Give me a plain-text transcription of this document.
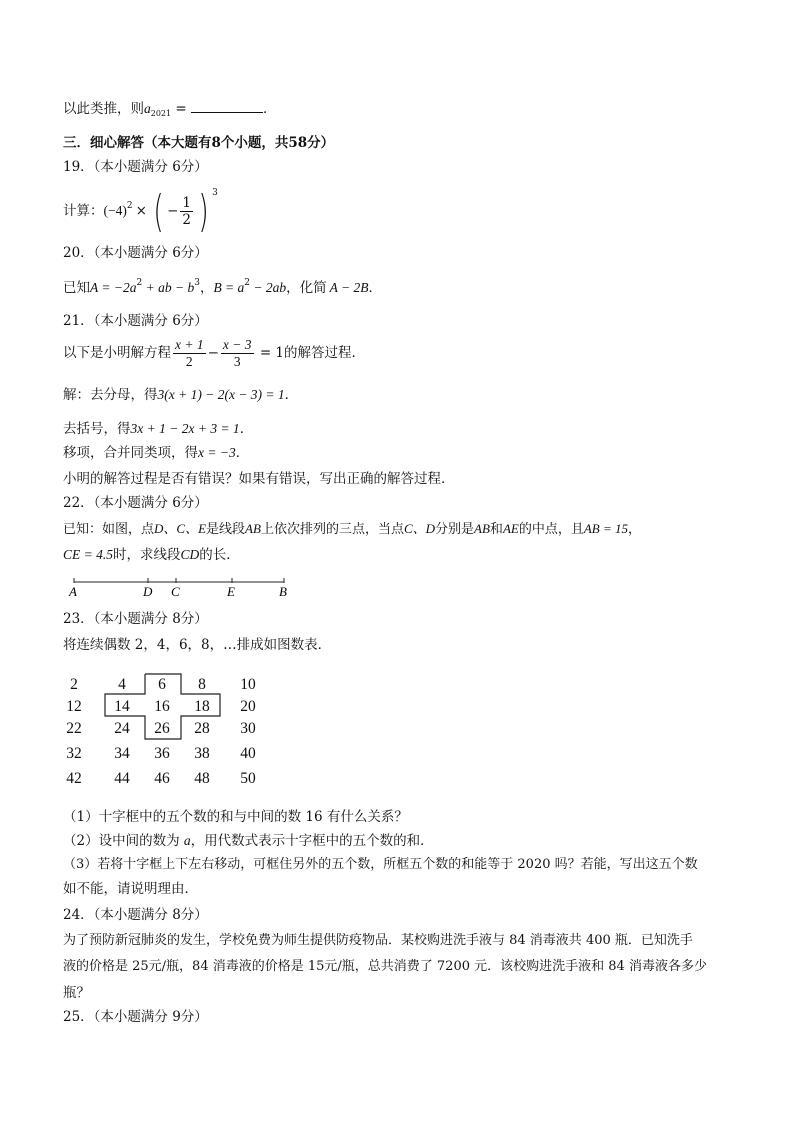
以此类推，则$a_{2021}$ =	．
三．细心解答（本大题有8个小题，共58分）
19．（本小题满分 6分）
计算：$(-4)^2$ × ( − $\frac{1}{2}$ ) $^3$
20．（本小题满分 6分）
已知$A = -2a^2$ + ab − $b^3$，$B = a^2 - 2ab$，化简 A − 2B．
21．（本小题满分 6分）
以下是小明解方程 $\frac{x + 1}{2} - \frac{x - 3}{3} = 1$的解答过程．
解：去分母，得3(x + 1) − 2(x − 3) = 1．
去括号，得3x + 1 − 2x + 3 = 1．
移项，合并同类项，得x = −3．
小明的解答过程是否有错误？如果有错误，写出正确的解答过程．
22．（本小题满分 6分）
已知：如图，点D、C、E是线段AB上依次排列的三点，当点C、D分别是AB和AE的中点，且AB = 15，
CE = 4.5时，求线段CD的长．
A	D C	E	B
23．（本小题满分 8分）
将连续偶数 2，4，6，8，…排成如图数表．
2	4	6	8	10
12	14	16	18	20
22	24	26	28	30
32	34	36	38	40
42	44	46	48	50
（1）十字框中的五个数的和与中间的数 16 有什么关系？
（2）设中间的数为 a，用代数式表示十字框中的五个数的和．
（3）若将十字框上下左右移动，可框住另外的五个数，所框五个数的和能等于 2020 吗？若能，写出这五个数
如不能，请说明理由．
24．（本小题满分 8分）
为了预防新冠肺炎的发生，学校免费为师生提供防疫物品．某校购进洗手液与 84 消毒液共 400 瓶．已知洗手
液的价格是 25元/瓶，84 消毒液的价格是 15元/瓶，总共消费了 7200 元．该校购进洗手液和 84 消毒液各多少
瓶？
25．（本小题满分 9分）
